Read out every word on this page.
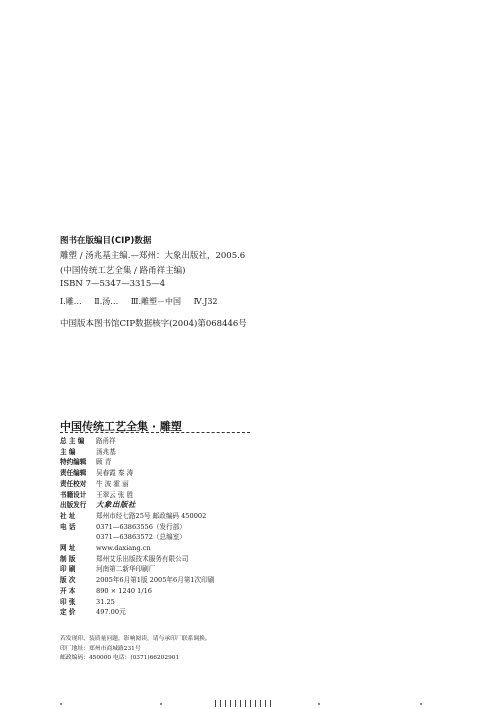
图书在版编目(CIP)数据
雕塑 / 汤兆基主编.—郑州：大象出版社，2005.6
(中国传统工艺全集 / 路甬祥主编)
ISBN 7—5347—3315—4
Ⅰ.雕… Ⅱ.汤… Ⅲ.雕塑－中国 Ⅳ.J32
中国版本图书馆CIP数据核字(2004)第068446号
中国传统工艺全集 · 雕塑
总 主 编	路甬祥
主 编	汤兆基
特约编辑	顾 青
责任编辑	吴春霞 秦 涛
责任校对	牛 波 霍 丽
书籍设计	王翠云 张 胜
出版发行	大象出版社
社 址	郑州市经七路25号 邮政编码 450002
电 话	0371—63863556（发行部）
0371—63863572（总编室）
网 址	www.daxiang.cn
制 版	郑州艾乐出版技术服务有限公司
印 刷	河南第二新华印刷厂
版 次	2005年6月第1版 2005年6月第1次印刷
开 本	890 × 1240 1/16
印 张	31.25
定 价	497.00元
若发现印、装质量问题，影响阅读，请与承印厂联系调换。
印厂地址：郑州市商城路231号
邮政编码：450000 电话：(0371)66202901
